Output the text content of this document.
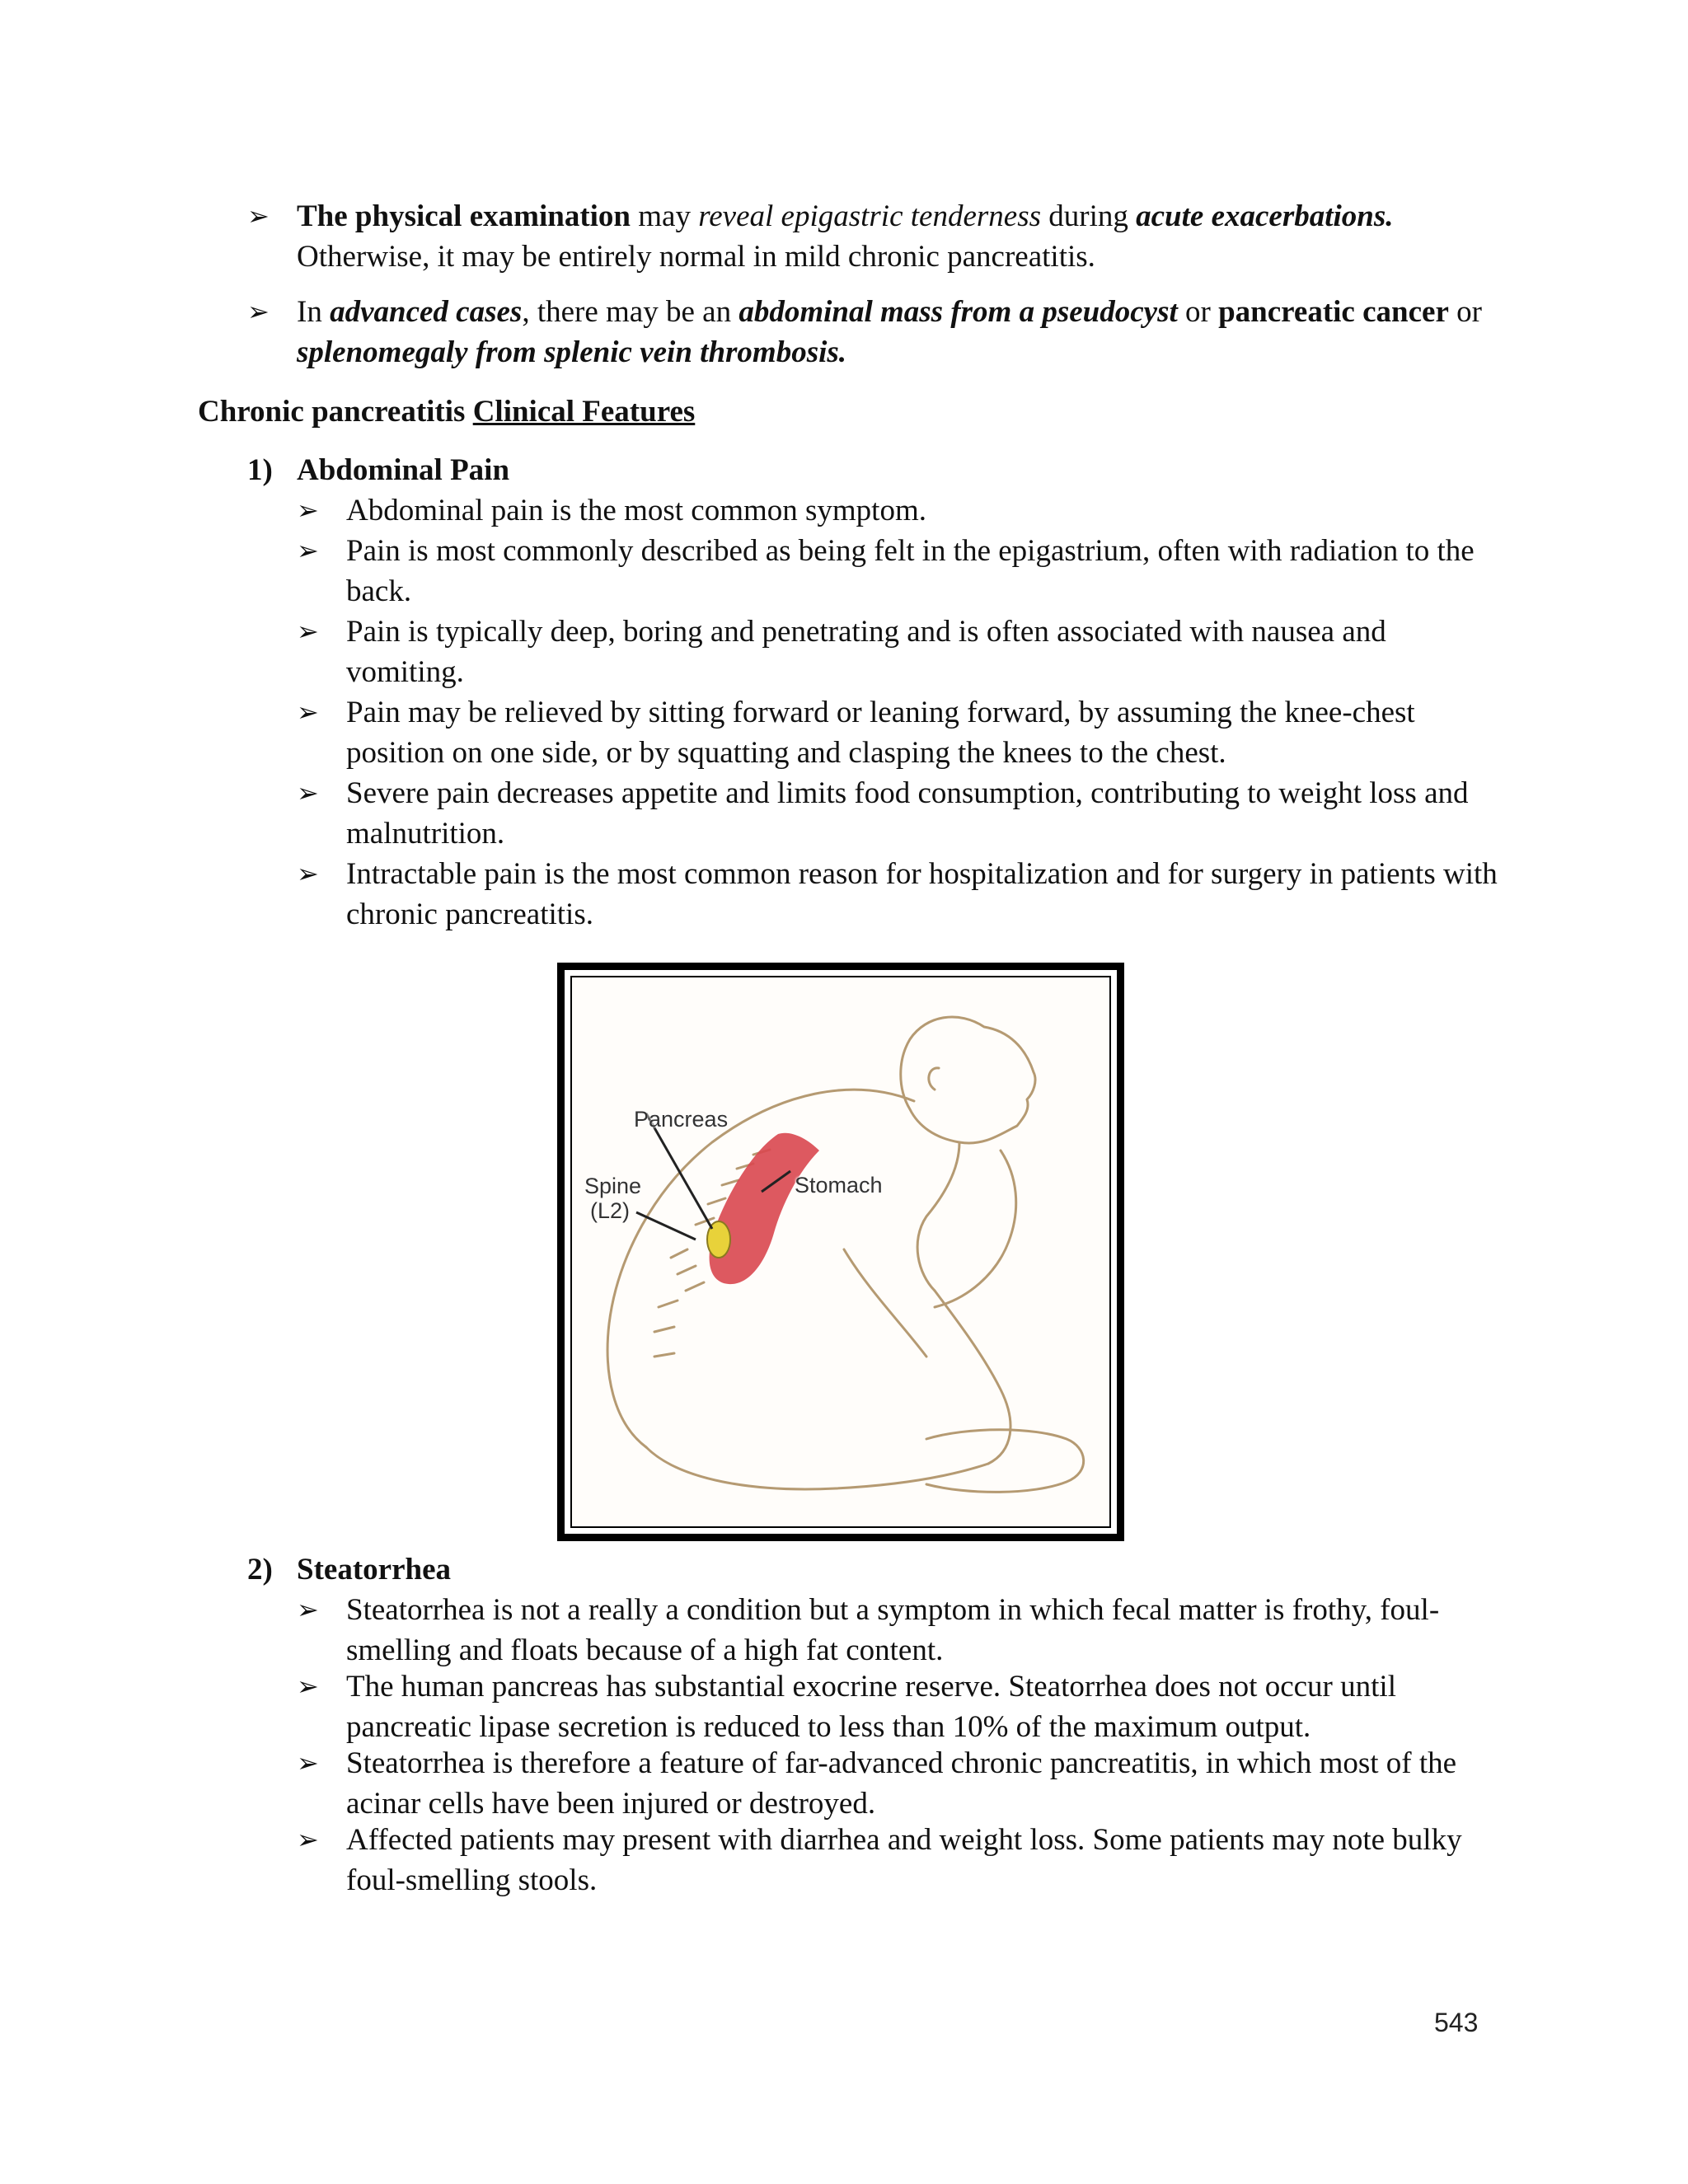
➢ The physical examination may reveal epigastric tenderness during acute exacerbations. Otherwise, it may be entirely normal in mild chronic pancreatitis.
➢ In advanced cases, there may be an abdominal mass from a pseudocyst or pancreatic cancer or splenomegaly from splenic vein thrombosis.
Chronic pancreatitis Clinical Features
1) Abdominal Pain
➢ Abdominal pain is the most common symptom.
➢ Pain is most commonly described as being felt in the epigastrium, often with radiation to the back.
➢ Pain is typically deep, boring and penetrating and is often associated with nausea and vomiting.
➢ Pain may be relieved by sitting forward or leaning forward, by assuming the knee-chest position on one side, or by squatting and clasping the knees to the chest.
➢ Severe pain decreases appetite and limits food consumption, contributing to weight loss and malnutrition.
➢ Intractable pain is the most common reason for hospitalization and for surgery in patients with chronic pancreatitis.
Pancreas
Spine
(L2)
Stomach
2) Steatorrhea
➢ Steatorrhea is not a really a condition but a symptom in which fecal matter is frothy, foul-smelling and floats because of a high fat content.
➢ The human pancreas has substantial exocrine reserve. Steatorrhea does not occur until pancreatic lipase secretion is reduced to less than 10% of the maximum output.
➢ Steatorrhea is therefore a feature of far-advanced chronic pancreatitis, in which most of the acinar cells have been injured or destroyed.
➢ Affected patients may present with diarrhea and weight loss. Some patients may note bulky foul-smelling stools.
543
